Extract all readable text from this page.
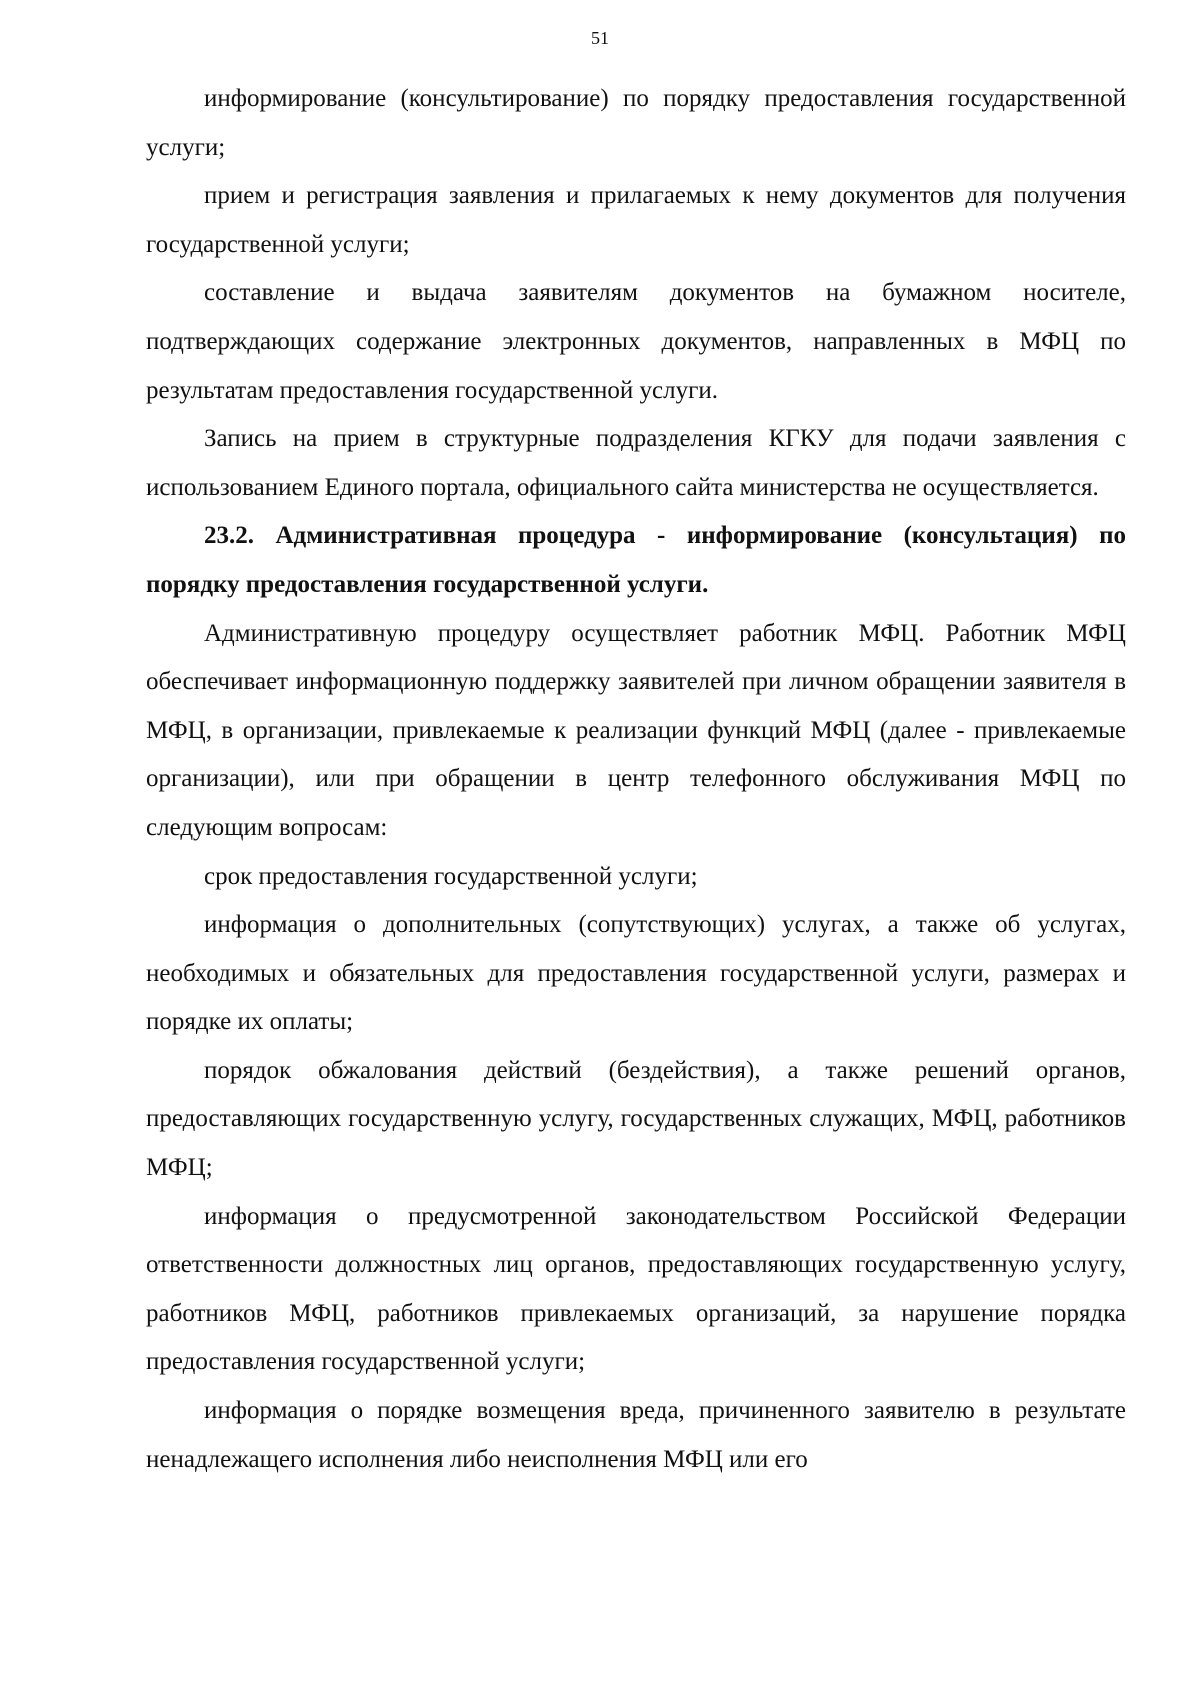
51

информирование (консультирование) по порядку предоставления государственной услуги;

прием и регистрация заявления и прилагаемых к нему документов для получения государственной услуги;

составление и выдача заявителям документов на бумажном носителе, подтверждающих содержание электронных документов, направленных в МФЦ по результатам предоставления государственной услуги.

Запись на прием в структурные подразделения КГКУ для подачи заявления с использованием Единого портала, официального сайта министерства не осуществляется.

23.2. Административная процедура - информирование (консультация) по порядку предоставления государственной услуги.

Административную процедуру осуществляет работник МФЦ. Работник МФЦ обеспечивает информационную поддержку заявителей при личном обращении заявителя в МФЦ, в организации, привлекаемые к реализации функций МФЦ (далее - привлекаемые организации), или при обращении в центр телефонного обслуживания МФЦ по следующим вопросам:

срок предоставления государственной услуги;

информация о дополнительных (сопутствующих) услугах, а также об услугах, необходимых и обязательных для предоставления государственной услуги, размерах и порядке их оплаты;

порядок обжалования действий (бездействия), а также решений органов, предоставляющих государственную услугу, государственных служащих, МФЦ, работников МФЦ;

информация о предусмотренной законодательством Российской Федерации ответственности должностных лиц органов, предоставляющих государственную услугу, работников МФЦ, работников привлекаемых организаций, за нарушение порядка предоставления государственной услуги;

информация о порядке возмещения вреда, причиненного заявителю в результате ненадлежащего исполнения либо неисполнения МФЦ или его
